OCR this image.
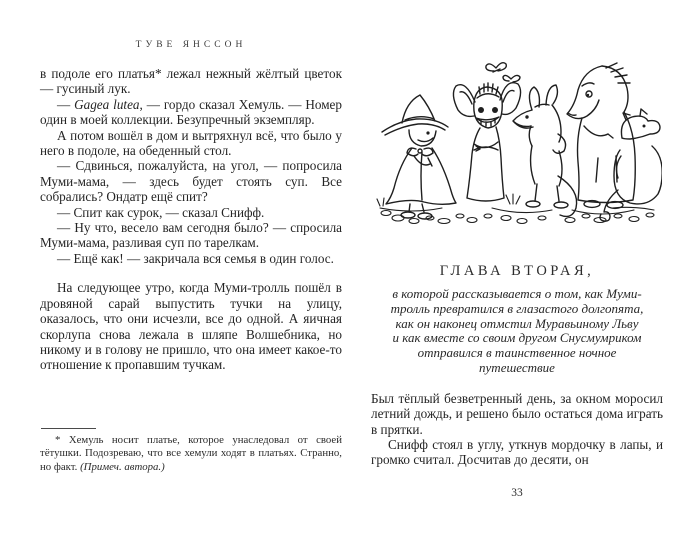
ТУВЕ ЯНССОН

в подоле его платья* лежал нежный жёлтый цветок — гусиный лук.

— Gagea lutea, — гордо сказал Хемуль. — Номер один в моей коллекции. Безупречный экземпляр.

А потом вошёл в дом и вытряхнул всё, что было у него в подоле, на обеденный стол.

— Сдвинься, пожалуйста, на угол, — попросила Муми-мама, — здесь будет стоять суп. Все собрались? Ондатр ещё спит?

— Спит как сурок, — сказал Снифф.

— Ну что, весело вам сегодня было? — спросила Муми-мама, разливая суп по тарелкам.

— Ещё как! — закричала вся семья в один голос.

На следующее утро, когда Муми-тролль пошёл в дровяной сарай выпустить тучки на улицу, оказалось, что они исчезли, все до одной. А яичная скорлупа снова лежала в шляпе Волшебника, но никому и в голову не пришло, что она имеет какое-то отношение к пропавшим тучкам.

* Хемуль носит платье, которое унаследовал от своей тётушки. Подозреваю, что все хемули ходят в платьях. Странно, но факт. (Примеч. автора.)

ГЛАВА ВТОРАЯ,
в которой рассказывается о том, как Муми-
тролль превратился в глазастого долгопята,
как он наконец отмстил Муравьиному Льву
и как вместе со своим другом Снусмумриком
отправился в таинственное ночное
путешествие

Был тёплый безветренный день, за окном моросил летний дождь, и решено было остаться дома играть в прятки.

Снифф стоял в углу, уткнув мордочку в лапы, и громко считал. Досчитав до десяти, он

33
